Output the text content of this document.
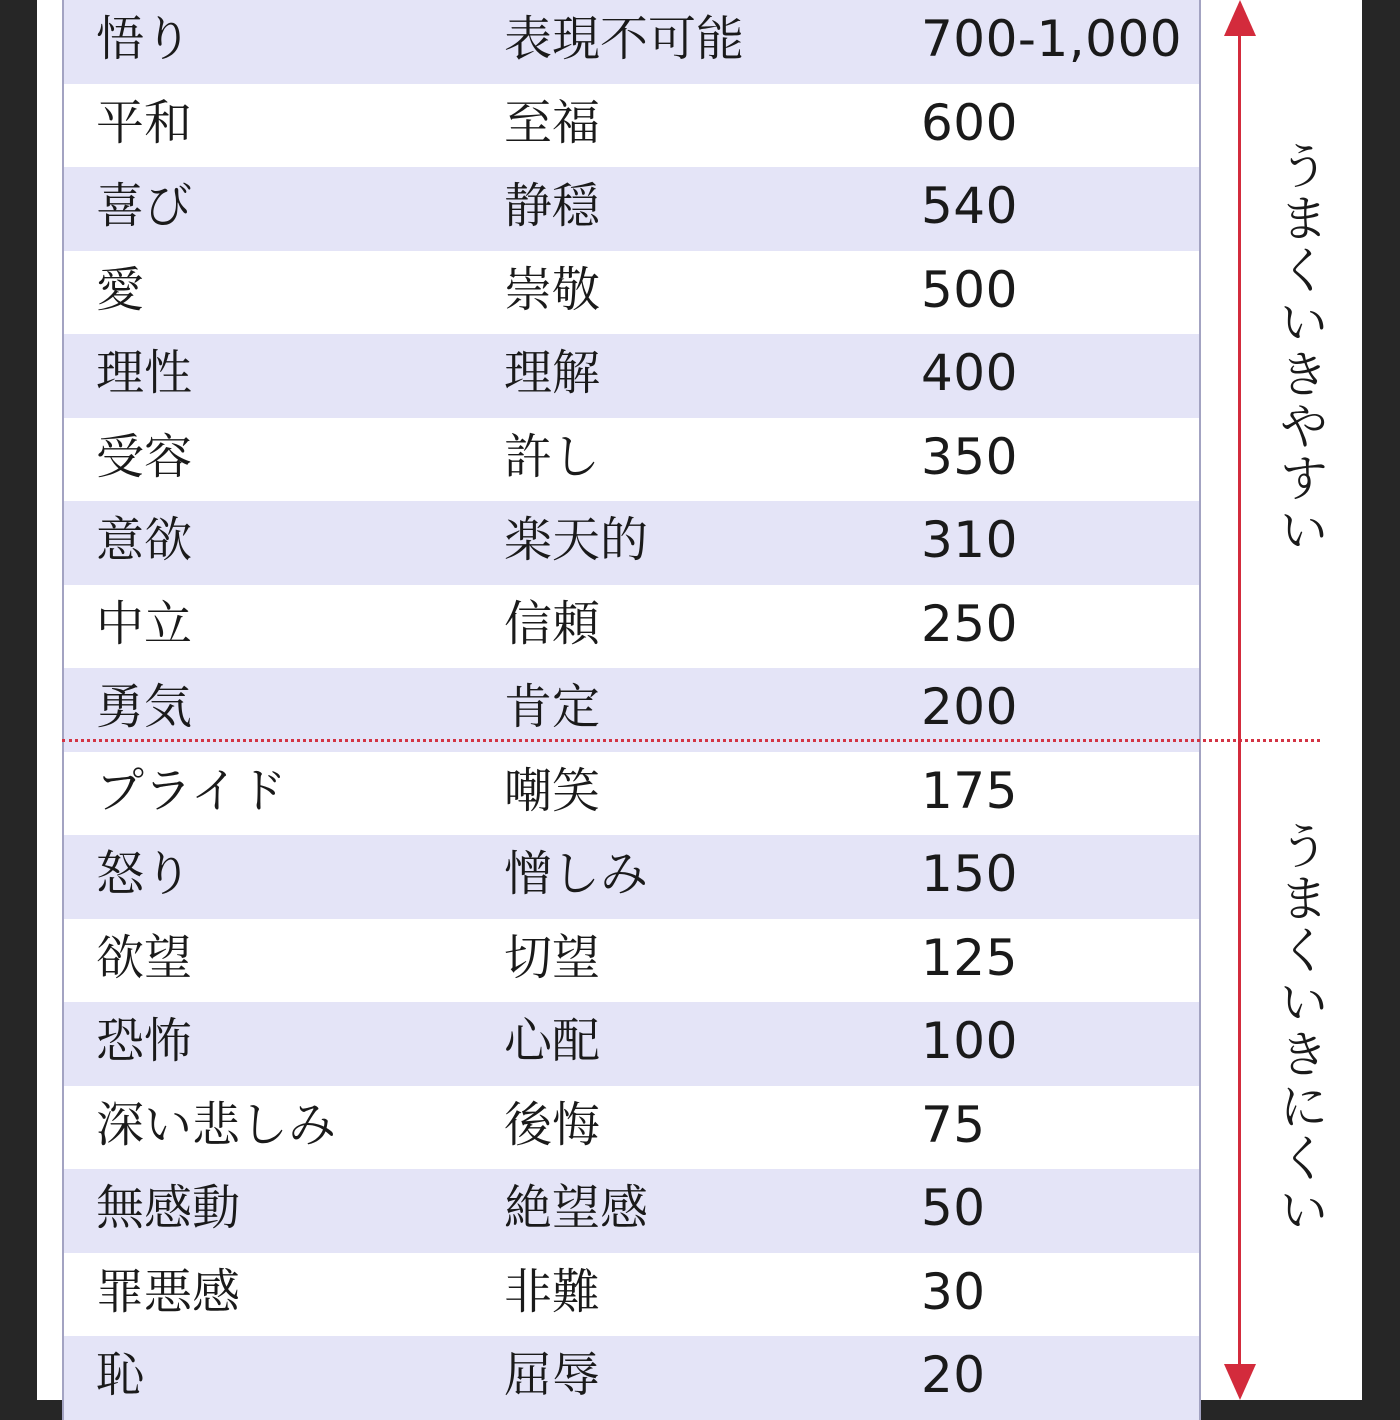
悟り	表現不可能	700-1,000
平和	至福	600
喜び	静穏	540
愛	崇敬	500
理性	理解	400
受容	許し	350
意欲	楽天的	310
中立	信頼	250
勇気	肯定	200
プライド	嘲笑	175
怒り	憎しみ	150
欲望	切望	125
恐怖	心配	100
深い悲しみ	後悔	75
無感動	絶望感	50
罪悪感	非難	30
恥	屈辱	20
うまくいきやすい
うまくいきにくい
